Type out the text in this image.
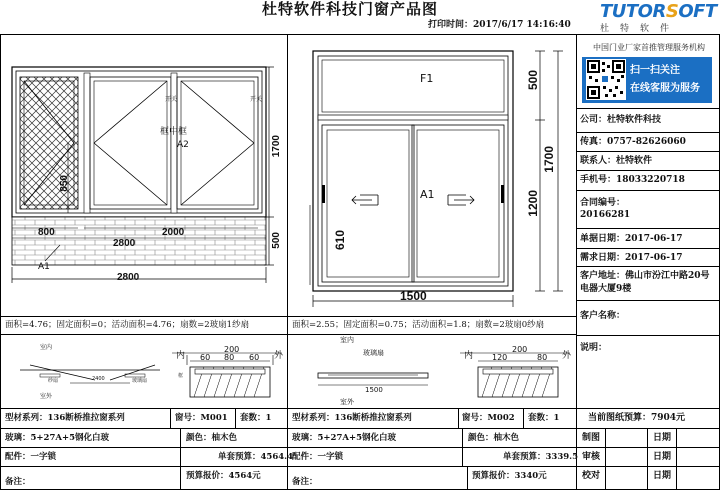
杜特软件科技门窗产品图
打印时间：2017/6/17 14:16:40
TUTORSOFT
杜特软件
中国门业厂家首推管理服务机构
扫一扫关注
在线客服为服务
公司：杜特软件科技
传真：0757-82626060
联系人：杜特软件
手机号：18033220718
合同编号：
20166281
单据日期：2017-06-17
需求日期：2017-06-17
客户地址：佛山市汾江中路20号
电器大厦9楼
客户名称：
说明：
当前图纸预算：7904元
制图	日期
审核	日期
校对	日期
开关	开关
框中框
A2
A1
1700
500
800	2000
2800
2800
850
面积=4.76；固定面积=0；活动面积=4.76；扇数=2玻扇1纱扇
室内
室外
内	外
200
60 80 60
纱扇	玻璃扇
框
2400
型材系列：136断桥推拉窗系列	窗号：M001 套数：1
玻璃：5+27A+5钢化白玻	颜色：柚木色
配件：一字锁	单套预算：4564.4
预算报价：4564元
备注：
F1
A1
500
1700
1200
610
1500
面积=2.55；固定面积=0.75；活动面积=1.8；扇数=2玻扇0纱扇
室内
玻璃扇
室外
1500
内	外
200
120	80
型材系列：136断桥推拉窗系列	窗号：M002 套数：1
玻璃：5+27A+5钢化白玻	颜色：柚木色
配件：一字锁	单套预算：3339.5
预算报价：3340元
备注：
